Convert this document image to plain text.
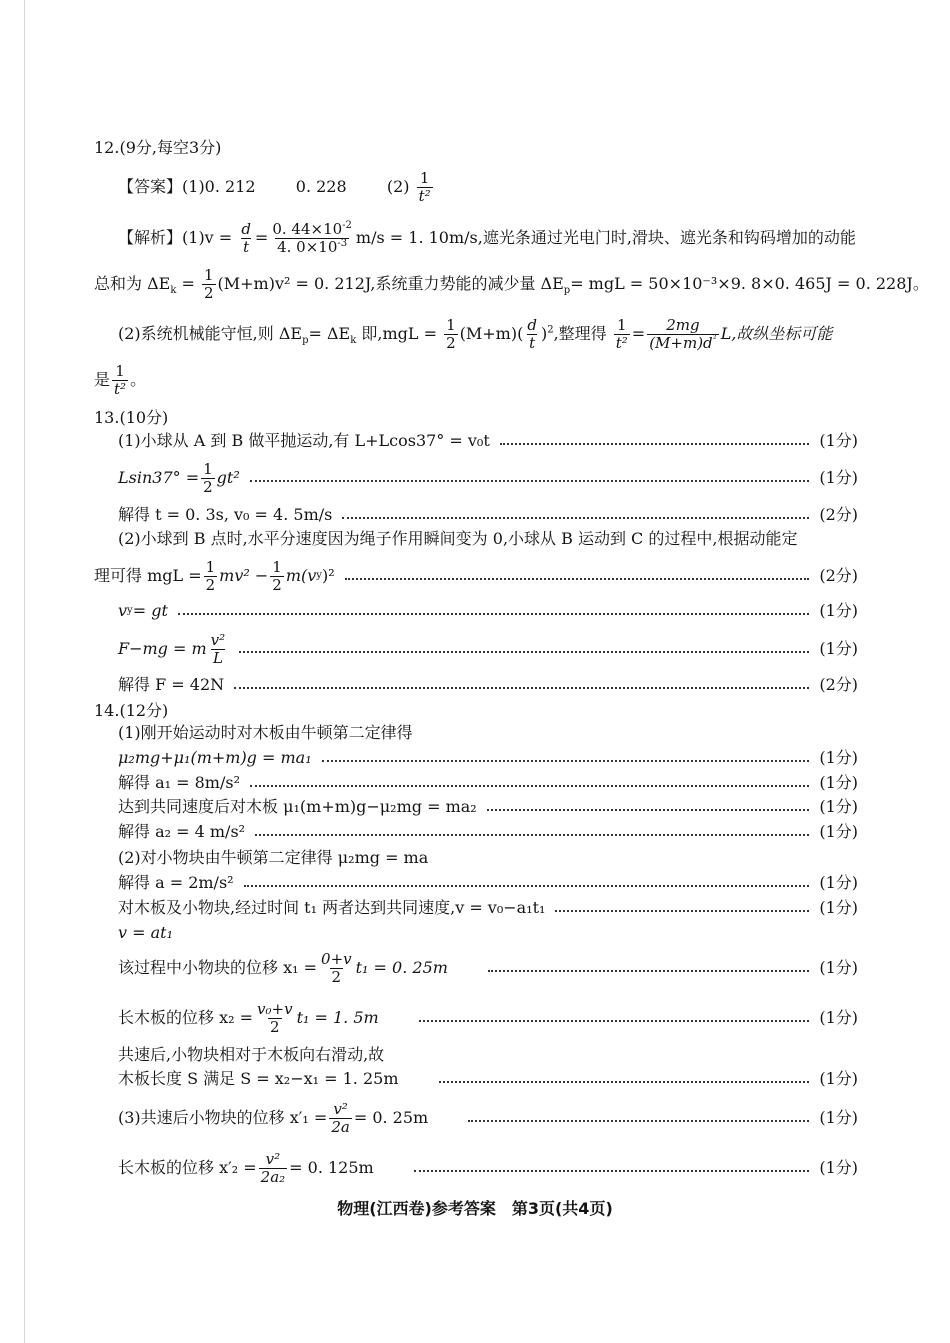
12.(9分,每空3分)
【答案】(1)0. 212	0. 228	$(2) \frac{1}{\text{t²}}$
【解析】$(1)v = \frac{d}{t} = \frac{0. 44\times 10^{-2}}{4. 0\times 10^{-3}} m/s = 1$. 10m/s,遮光条通过光电门时,滑块、遮光条和钩码增加的动能
总和为 $\Delta E_k = \frac{1}{2} (M+m)v^2 = 0$. 212J,系统重力势能的减少量 $\Delta E_p=$ mgL = 50×10⁻³×9. 8×0. 465J = 0. 228J。
(2)系统机械能守恒,则 $\Delta E_p= \Delta E_k$ 即$,mgL = \frac{1}{2} (M+m)( \frac{d}{t} )^2$,整理得 $\frac{1}{\text{t²}} = \frac{2mg}{(M+m)d^{^2}} L$,故纵坐标可能
是 $\frac{1}{\text{t²}}$ 。
13.(10分)
(1)小球从 A 到 B 做平抛运动,有 L+Lcos37° = v₀t	(1分)
$Lsin37^\circ = \frac{1}{2} gt^2$	(1分)
解得 t = 0. 3s, v₀ = 4. 5m/s	(2分)
(2)小球到 B 点时,水平分速度因为绳子作用瞬间变为 0,小球从 B 运动到 C 的过程中,根据动能定
理可得 mgL = $\frac{1}{2} mv^2 - \frac{1}{2} m(v$ y )²	(2分)
v y = gt	(1分)
F−mg = m $\frac{\text{v²}}{L}$	(1分)
解得 F = 42N	(2分)
14.(12分)
(1)刚开始运动时对木板由牛顿第二定律得
μ₂mg+μ₁(m+m)g = ma₁	(1分)
解得 a₁ = 8m/s²	(1分)
达到共同速度后对木板 μ₁(m+m)g−μ₂mg = ma₂	(1分)
解得 a₂ = 4 m/s²	(1分)
(2)对小物块由牛顿第二定律得 μ₂mg = ma
解得 a = 2m/s²	(1分)
对木板及小物块,经过时间 t₁ 两者达到共同速度,v = v₀−a₁t₁	(1分)
v = at₁
该过程中小物块的位移 $x_1 = \frac{0+v}{2} t_1 = 0$. 25m	(1分)
长木板的位移 $x_2 = \frac{\text{v₀+v}}{2} t_1 = 1$. 5m	(1分)
共速后,小物块相对于木板向右滑动,故
木板长度 S 满足 S = x₂−x₁ = 1. 25m	(1分)
(3)共速后小物块的位移 $x'_1 = \frac{\text{v²}}{2a} = 0$. 25m	(1分)
长木板的位移 $x'_2 = \frac{\text{v²}}{\text{2a₂}} = 0$. 125m	(1分)
物理(江西卷)参考答案　第3页(共4页)
